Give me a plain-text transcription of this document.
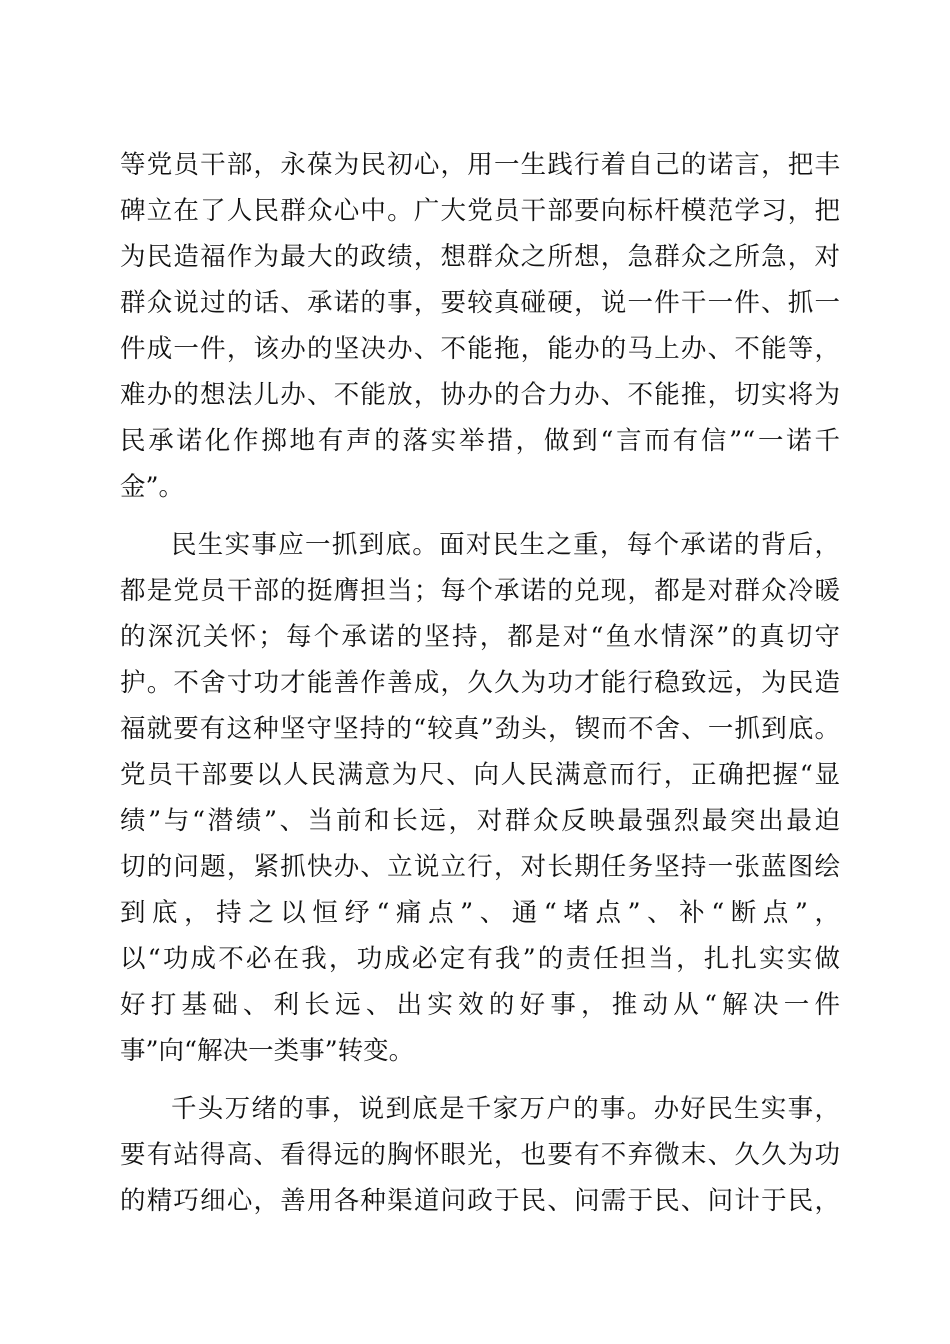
等党员干部，永葆为民初心，用一生践行着自己的诺言，把丰
碑立在了人民群众心中。广大党员干部要向标杆模范学习，把
为民造福作为最大的政绩，想群众之所想，急群众之所急，对
群众说过的话、承诺的事，要较真碰硬，说一件干一件、抓一
件成一件，该办的坚决办、不能拖，能办的马上办、不能等，
难办的想法儿办、不能放，协办的合力办、不能推，切实将为
民承诺化作掷地有声的落实举措，做到“言而有信”“一诺千
金”。
民生实事应一抓到底。面对民生之重，每个承诺的背后，
都是党员干部的挺膺担当；每个承诺的兑现，都是对群众冷暖
的深沉关怀；每个承诺的坚持，都是对“鱼水情深”的真切守
护。不舍寸功才能善作善成，久久为功才能行稳致远，为民造
福就要有这种坚守坚持的“较真”劲头，锲而不舍、一抓到底。
党员干部要以人民满意为尺、向人民满意而行，正确把握“显
绩”与“潜绩”、当前和长远，对群众反映最强烈最突出最迫
切的问题，紧抓快办、立说立行，对长期任务坚持一张蓝图绘
到底，持之以恒纾“痛点”、通“堵点”、补“断点”，
以“功成不必在我，功成必定有我”的责任担当，扎扎实实做
好打基础、利长远、出实效的好事，推动从“解决一件
事”向“解决一类事”转变。
千头万绪的事，说到底是千家万户的事。办好民生实事，
要有站得高、看得远的胸怀眼光，也要有不弃微末、久久为功
的精巧细心，善用各种渠道问政于民、问需于民、问计于民，
